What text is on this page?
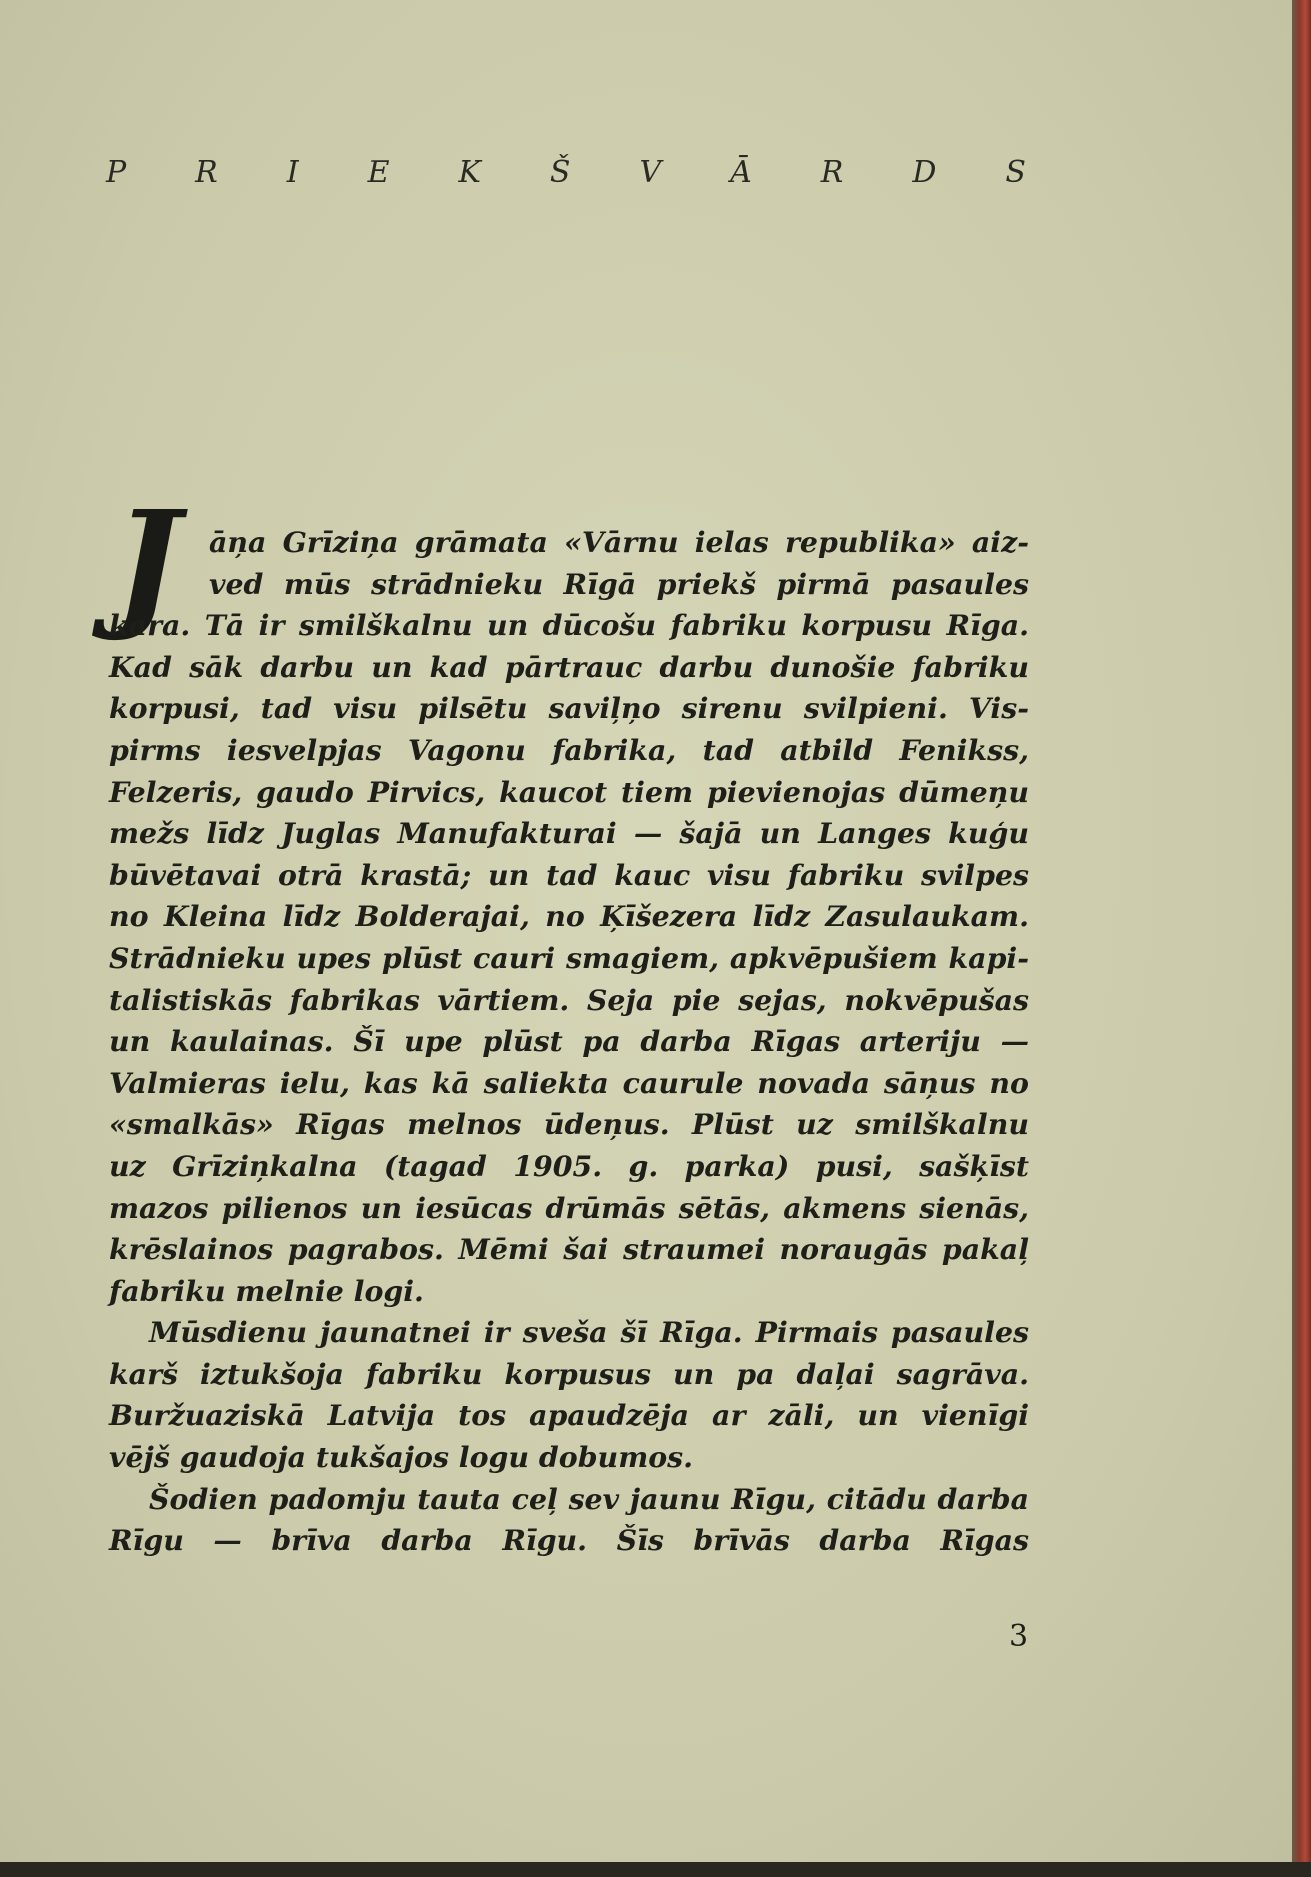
P R I E K Š V Ā R D S
J	āņa Grīziņa grāmata «Vārnu ielas republika» aiz-
ved mūs strādnieku Rīgā priekš pirmā pasaules
kara. Tā ir smilškalnu un dūcošu fabriku korpusu Rīga.
Kad sāk darbu un kad pārtrauc darbu dunošie fabriku
korpusi, tad visu pilsētu saviļņo sirenu svilpieni. Vis-
pirms iesvelpjas Vagonu fabrika, tad atbild Fenikss,
Felzeris, gaudo Pirvics, kaucot tiem pievienojas dūmeņu
mežs līdz Juglas Manufakturai — šajā un Langes kuģu
būvētavai otrā krastā; un tad kauc visu fabriku svilpes
no Kleina līdz Bolderajai, no Ķīšezera līdz Zasulaukam.
Strādnieku upes plūst cauri smagiem, apkvēpušiem kapi-
talistiskās fabrikas vārtiem. Seja pie sejas, nokvēpušas
un kaulainas. Šī upe plūst pa darba Rīgas arteriju —
Valmieras ielu, kas kā saliekta caurule novada sāņus no
«smalkās» Rīgas melnos ūdeņus. Plūst uz smilškalnu
uz Grīziņkalna (tagad 1905. g. parka) pusi, sašķīst
mazos pilienos un iesūcas drūmās sētās, akmens sienās,
krēslainos pagrabos. Mēmi šai straumei noraugās pakaļ
fabriku melnie logi.
Mūsdienu jaunatnei ir sveša šī Rīga. Pirmais pasaules
karš iztukšoja fabriku korpusus un pa daļai sagrāva.
Buržuaziskā Latvija tos apaudzēja ar zāli, un vienīgi
vējš gaudoja tukšajos logu dobumos.
Šodien padomju tauta ceļ sev jaunu Rīgu, citādu darba
Rīgu — brīva darba Rīgu. Šīs brīvās darba Rīgas
3
